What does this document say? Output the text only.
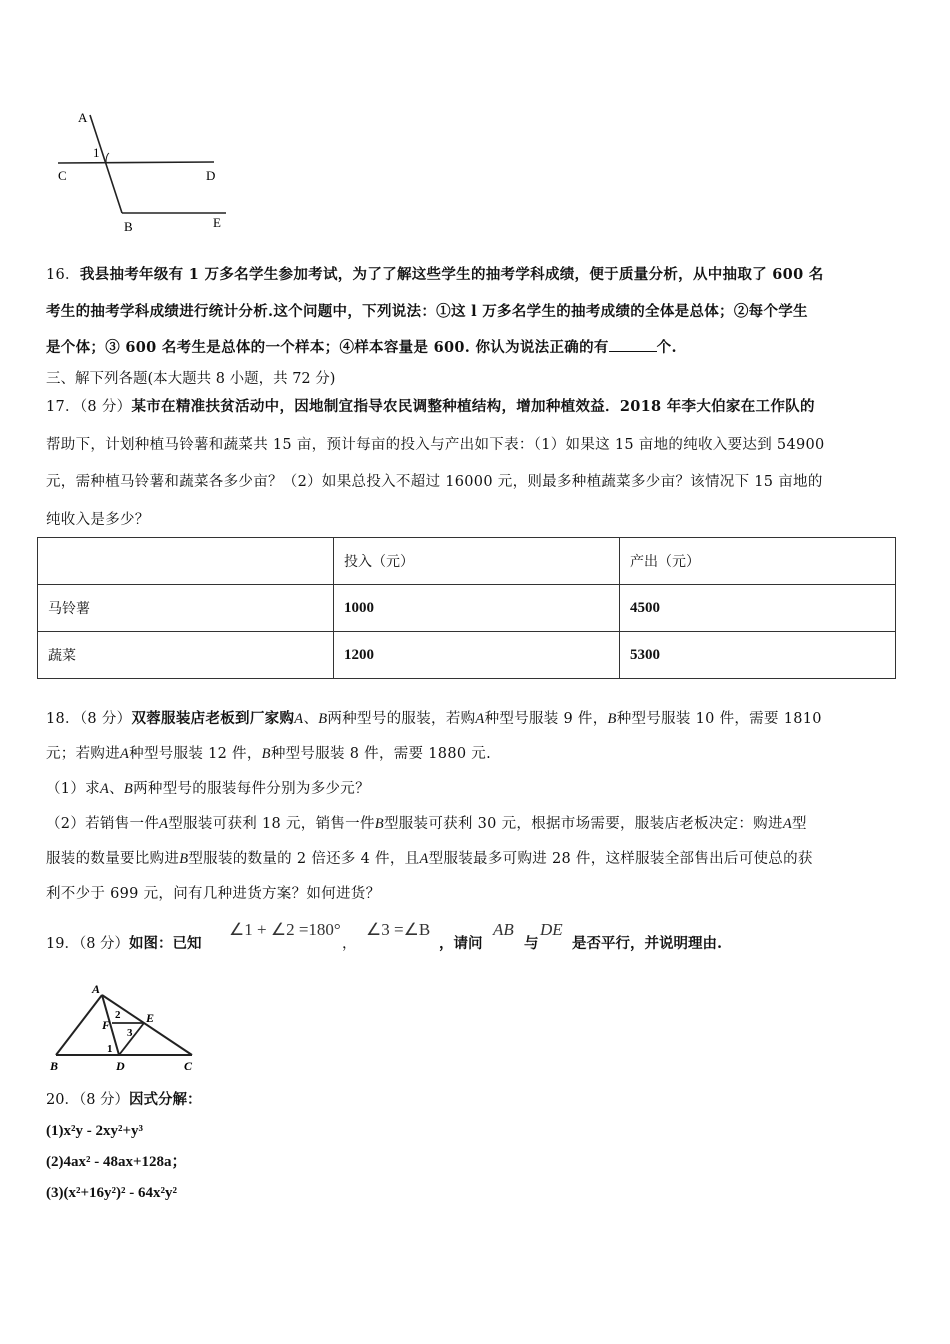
A
1
C	D
B	E
16．我县抽考年级有 1 万多名学生参加考试，为了了解这些学生的抽考学科成绩，便于质量分析，从中抽取了 600 名
考生的抽考学科成绩进行统计分析.这个问题中，下列说法：①这 l 万多名学生的抽考成绩的全体是总体；②每个学生
是个体；③ 600 名考生是总体的一个样本；④样本容量是 600. 你认为说法正确的有	个.
三、解下列各题(本大题共 8 小题，共 72 分)
17．（8 分）某市在精准扶贫活动中，因地制宜指导农民调整种植结构，增加种植效益．2018 年李大伯家在工作队的
帮助下，计划种植马铃薯和蔬菜共 15 亩，预计每亩的投入与产出如下表：（1）如果这 15 亩地的纯收入要达到 54900
元，需种植马铃薯和蔬菜各多少亩？（2）如果总投入不超过 16000 元，则最多种植蔬菜多少亩？该情况下 15 亩地的
纯收入是多少？
	投入（元）	产出（元）
马铃薯	1000	4500
蔬菜	1200	5300
18．（8 分）双蓉服装店老板到厂家购A、B两种型号的服装，若购A种型号服装 9 件，B种型号服装 10 件，需要 1810
元；若购进A种型号服装 12 件，B种型号服装 8 件，需要 1880 元.
（1）求A、B两种型号的服装每件分别为多少元？
（2）若销售一件A型服装可获利 18 元，销售一件B型服装可获利 30 元，根据市场需要，服装店老板决定：购进A型
服装的数量要比购进B型服装的数量的 2 倍还多 4 件，且A型服装最多可购进 28 件，这样服装全部售出后可使总的获
利不少于 699 元，问有几种进货方案？如何进货？
19．（8 分）如图：已知
∠1 + ∠2 =180°
，
∠3 =∠B
，请问
AB
与
DE
是否平行，并说明理由.
A
2
F	E
3
1
B	D	C
20．（8 分）因式分解：
(1)x²y - 2xy²+y³
(2)4ax² - 48ax+128a；
(3)(x²+16y²)² - 64x²y²
